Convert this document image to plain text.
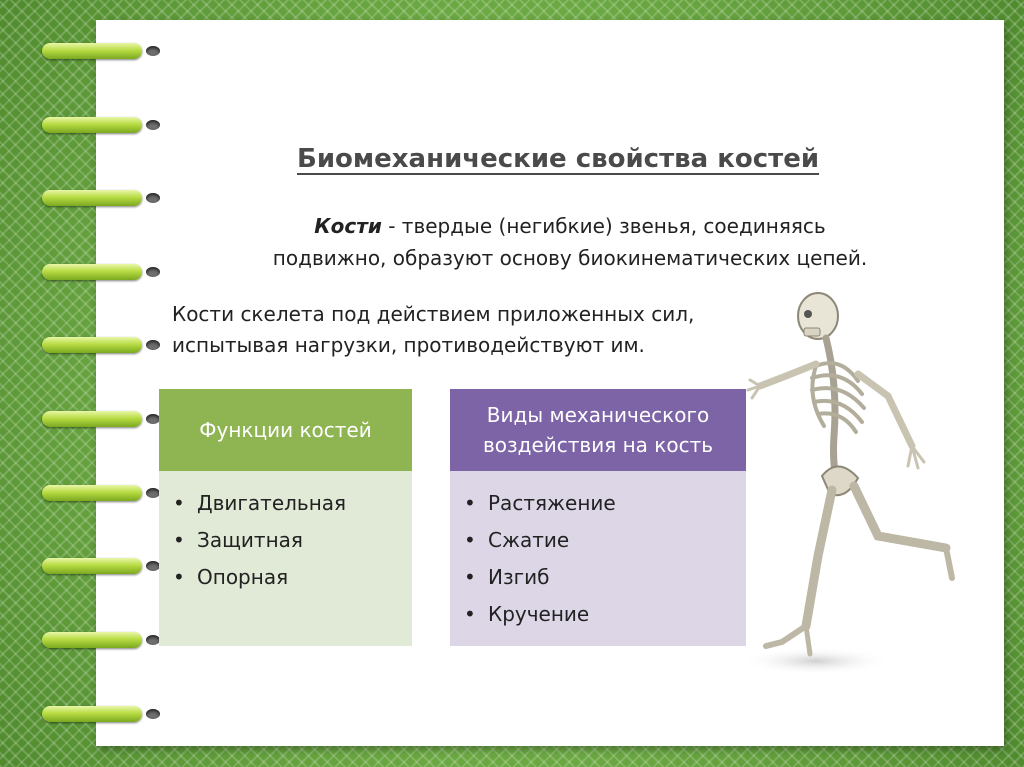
Биомеханические свойства костей
Кости - твердые (негибкие) звенья, соединяясь
подвижно, образуют основу биокинематических цепей.
Кости скелета под действием приложенных сил,
испытывая нагрузки, противодействуют им.
Функции костей
• Двигательная
• Защитная
• Опорная
Виды механического
воздействия на кость
• Растяжение
• Сжатие
• Изгиб
• Кручение
